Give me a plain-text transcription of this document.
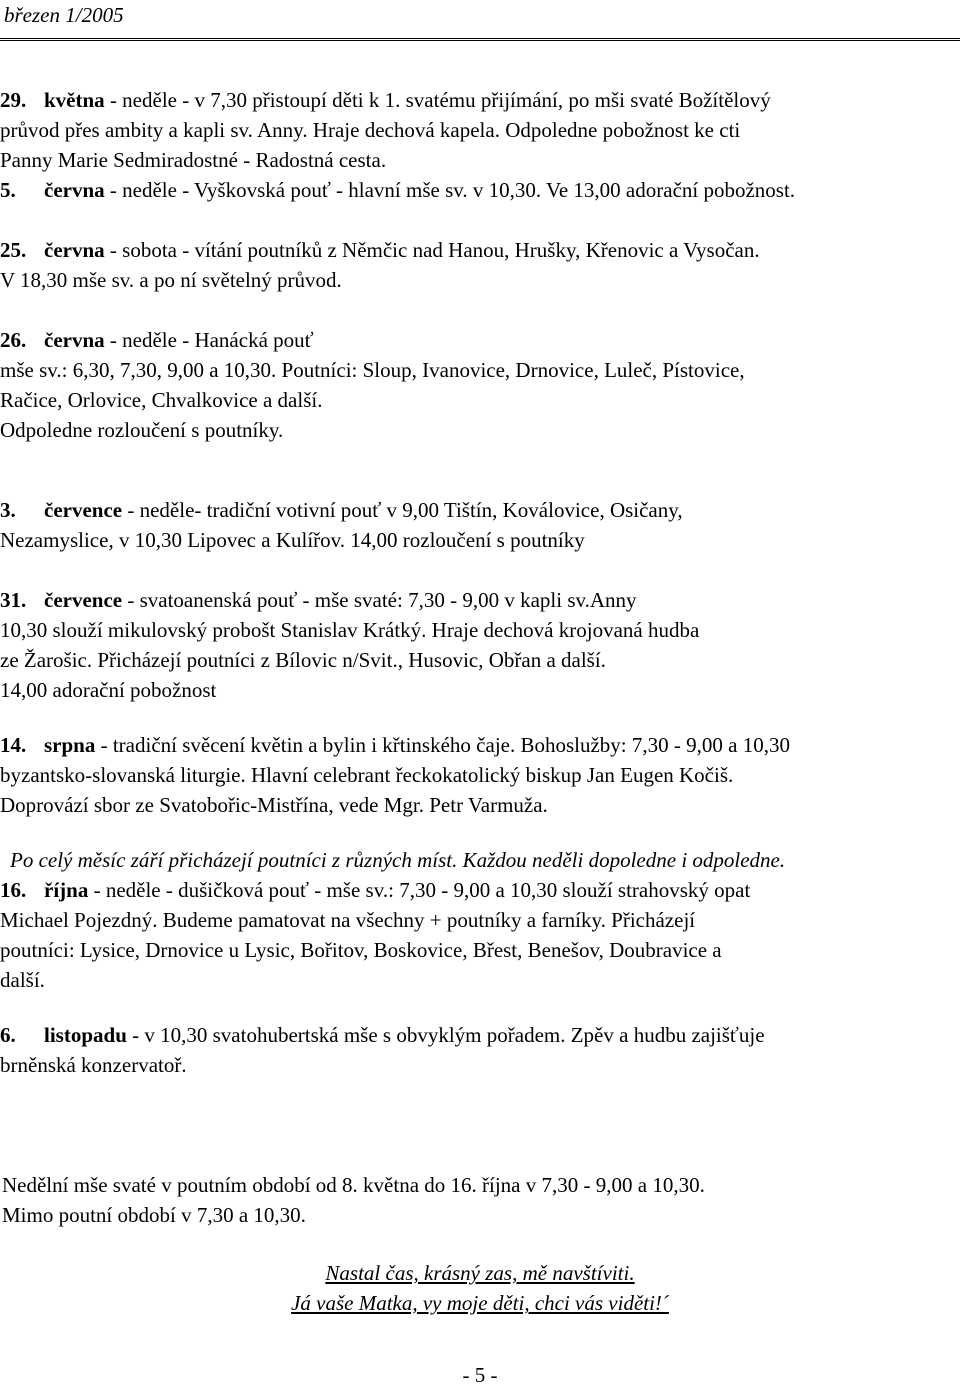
březen 1/2005
29. května - neděle - v 7,30 přistoupí děti k 1. svatému přijímání, po mši svaté Božítělový
průvod přes ambity a kapli sv. Anny. Hraje dechová kapela. Odpoledne pobožnost ke cti
Panny Marie Sedmiradostné - Radostná cesta.
5. června - neděle - Vyškovská pouť - hlavní mše sv. v 10,30. Ve 13,00 adorační pobožnost.
25. června - sobota - vítání poutníků z Němčic nad Hanou, Hrušky, Křenovic a Vysočan.
V 18,30 mše sv. a po ní světelný průvod.
26. června - neděle - Hanácká pouť
mše sv.: 6,30, 7,30, 9,00 a 10,30. Poutníci: Sloup, Ivanovice, Drnovice, Luleč, Pístovice,
Račice, Orlovice, Chvalkovice a další.
Odpoledne rozloučení s poutníky.
3. července - neděle- tradiční votivní pouť v 9,00 Tištín, Koválovice, Osičany,
Nezamyslice, v 10,30 Lipovec a Kulířov. 14,00 rozloučení s poutníky
31. července - svatoanenská pouť - mše svaté: 7,30 - 9,00 v kapli sv.Anny
10,30 slouží mikulovský probošt Stanislav Krátký. Hraje dechová krojovaná hudba
ze Žarošic. Přicházejí poutníci z Bílovic n/Svit., Husovic, Obřan a další.
14,00 adorační pobožnost
14. srpna - tradiční svěcení květin a bylin i křtinského čaje. Bohoslužby: 7,30 - 9,00 a 10,30
byzantsko-slovanská liturgie. Hlavní celebrant řeckokatolický biskup Jan Eugen Kočiš.
Doprovází sbor ze Svatobořic-Mistřína, vede Mgr. Petr Varmuža.
16. října - neděle - dušičková pouť - mše sv.: 7,30 - 9,00 a 10,30 slouží strahovský opat
Michael Pojezdný. Budeme pamatovat na všechny + poutníky a farníky. Přicházejí
poutníci: Lysice, Drnovice u Lysic, Bořitov, Boskovice, Břest, Benešov, Doubravice a
další.
6. listopadu - v 10,30 svatohubertská mše s obvyklým pořadem. Zpěv a hudbu zajišťuje
brněnská konzervatoř.
Po celý měsíc září přicházejí poutníci z různých míst. Každou neděli dopoledne i odpoledne.
Nedělní mše svaté v poutním období od 8. května do 16. října v 7,30 - 9,00 a 10,30.
Mimo poutní období v 7,30 a 10,30.
Nastal čas, krásný zas, mě navštíviti.
Já vaše Matka, vy moje děti, chci vás viděti!´
- 5 -
